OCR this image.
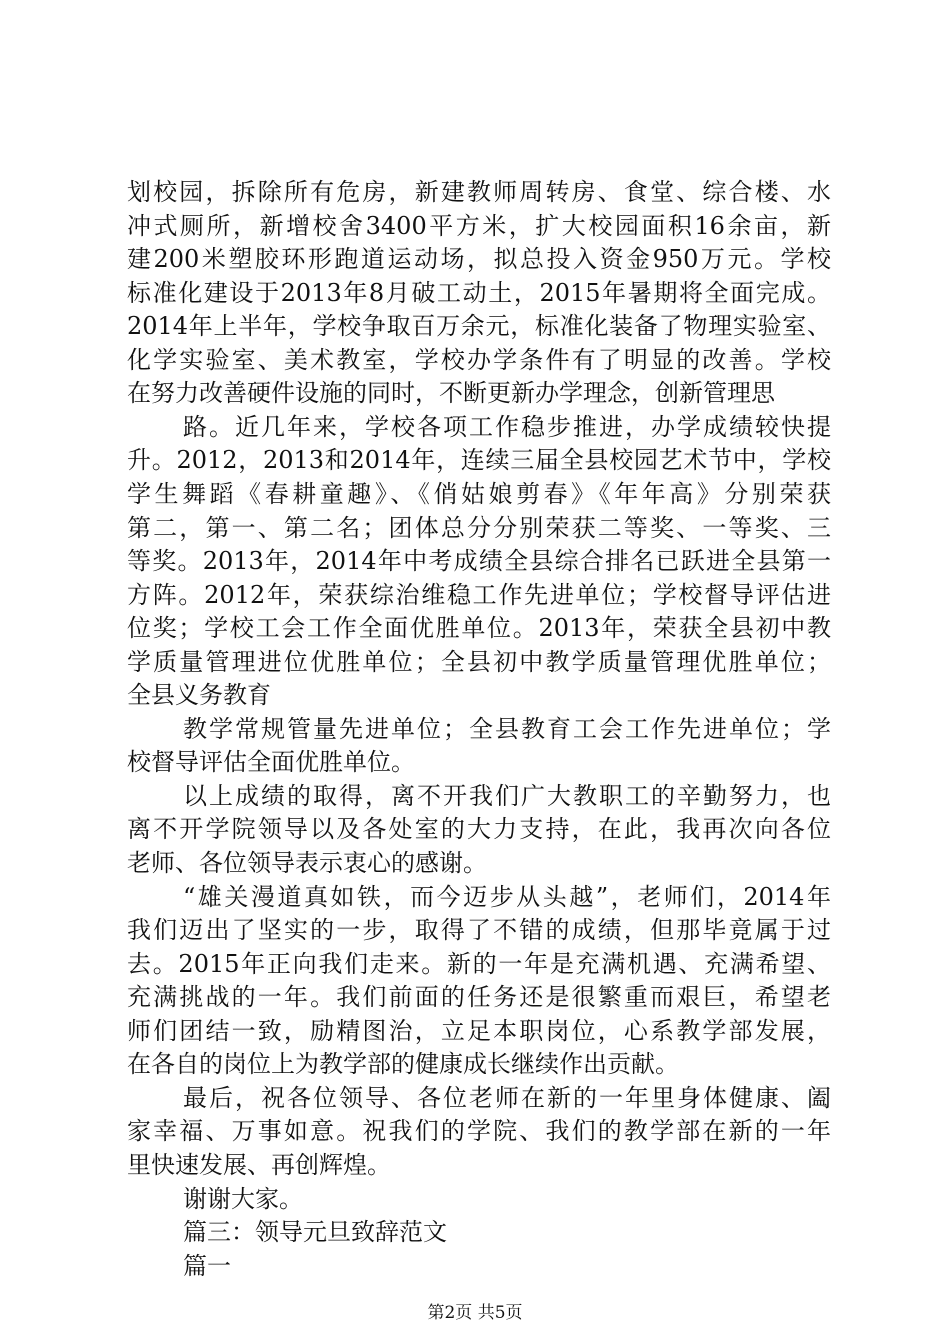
划校园，拆除所有危房，新建教师周转房、食堂、综合楼、水
冲式厕所，新增校舍3400平方米，扩大校园面积16余亩，新
建200米塑胶环形跑道运动场，拟总投入资金950万元。学校
标准化建设于2013年8月破工动土，2015年暑期将全面完成。
2014年上半年，学校争取百万余元，标准化装备了物理实验室、
化学实验室、美术教室，学校办学条件有了明显的改善。学校
在努力改善硬件设施的同时，不断更新办学理念，创新管理思
路。近几年来，学校各项工作稳步推进，办学成绩较快提
升。2012，2013和2014年，连续三届全县校园艺术节中，学校
学生舞蹈《春耕童趣》、《俏姑娘剪春》《年年高》分别荣获
第二，第一、第二名；团体总分分别荣获二等奖、一等奖、三
等奖。2013年，2014年中考成绩全县综合排名已跃进全县第一
方阵。2012年，荣获综治维稳工作先进单位；学校督导评估进
位奖；学校工会工作全面优胜单位。2013年，荣获全县初中教
学质量管理进位优胜单位；全县初中教学质量管理优胜单位；
全县义务教育
教学常规管量先进单位；全县教育工会工作先进单位；学
校督导评估全面优胜单位。
以上成绩的取得，离不开我们广大教职工的辛勤努力，也
离不开学院领导以及各处室的大力支持，在此，我再次向各位
老师、各位领导表示衷心的感谢。
“雄关漫道真如铁，而今迈步从头越”，老师们，2014年
我们迈出了坚实的一步，取得了不错的成绩，但那毕竟属于过
去。2015年正向我们走来。新的一年是充满机遇、充满希望、
充满挑战的一年。我们前面的任务还是很繁重而艰巨，希望老
师们团结一致，励精图治，立足本职岗位，心系教学部发展，
在各自的岗位上为教学部的健康成长继续作出贡献。
最后，祝各位领导、各位老师在新的一年里身体健康、阖
家幸福、万事如意。祝我们的学院、我们的教学部在新的一年
里快速发展、再创辉煌。
谢谢大家。
篇三：领导元旦致辞范文
篇一
第2页 共5页
